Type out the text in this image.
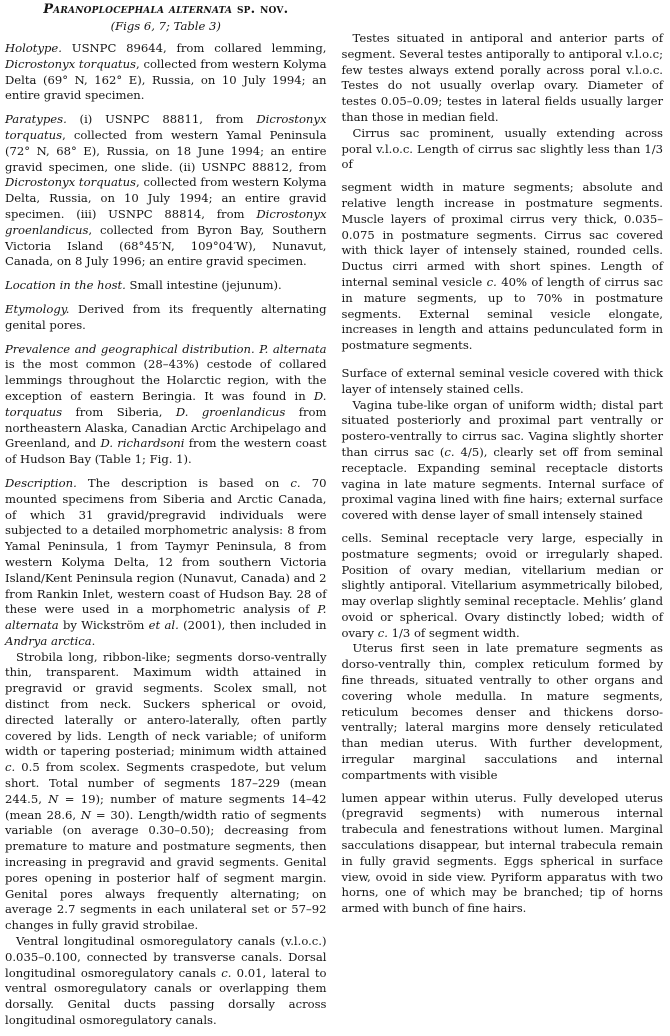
Paranoplocephala alternata sp. nov.
(Figs 6, 7; Table 3)

Holotype. USNPC 89644, from collared lemming, Dicrostonyx torquatus, collected from western Kolyma Delta (69° N, 162° E), Russia, on 10 July 1994; an entire gravid specimen.

Paratypes. (i) USNPC 88811, from Dicrostonyx torquatus, collected from western Yamal Peninsula (72° N, 68° E), Russia, on 18 June 1994; an entire gravid specimen, one slide. (ii) USNPC 88812, from Dicrostonyx torquatus, collected from western Kolyma Delta, Russia, on 10 July 1994; an entire gravid specimen. (iii) USNPC 88814, from Dicrostonyx groenlandicus, collected from Byron Bay, Southern Victoria Island (68°45′N, 109°04′W), Nunavut, Canada, on 8 July 1996; an entire gravid specimen.

Location in the host. Small intestine (jejunum).

Etymology. Derived from its frequently alternating genital pores.

Prevalence and geographical distribution. P. alternata is the most common (28–43%) cestode of collared lemmings throughout the Holarctic region, with the exception of eastern Beringia. It was found in D. torquatus from Siberia, D. groenlandicus from northeastern Alaska, Canadian Arctic Archipelago and Greenland, and D. richardsoni from the western coast of Hudson Bay (Table 1; Fig. 1).

Description. The description is based on c. 70 mounted specimens from Siberia and Arctic Canada, of which 31 gravid/pregravid individuals were subjected to a detailed morphometric analysis: 8 from Yamal Peninsula, 1 from Taymyr Peninsula, 8 from western Kolyma Delta, 12 from southern Victoria Island/Kent Peninsula region (Nunavut, Canada) and 2 from Rankin Inlet, western coast of Hudson Bay. 28 of these were used in a morphometric analysis of P. alternata by Wickström et al. (2001), then included in Andrya arctica.

Strobila long, ribbon-like; segments dorso-ventrally thin, transparent. Maximum width attained in pregravid or gravid segments. Scolex small, not distinct from neck. Suckers spherical or ovoid, directed laterally or antero-laterally, often partly covered by lids. Length of neck variable; of uniform width or tapering posteriad; minimum width attained c. 0.5 from scolex. Segments craspedote, but velum short. Total number of segments 187–229 (mean 244.5, N = 19); number of mature segments 14–42 (mean 28.6, N = 30). Length/width ratio of segments variable (on average 0.30–0.50); decreasing from premature to mature and postmature segments, then increasing in pregravid and gravid segments. Genital pores opening in posterior half of segment margin. Genital pores always frequently alternating; on average 2.7 segments in each unilateral set or 57–92 changes in fully gravid strobilae.

Ventral longitudinal osmoregulatory canals (v.l.o.c.) 0.035–0.100, connected by transverse canals. Dorsal longitudinal osmoregulatory canals c. 0.01, lateral to ventral osmoregulatory canals or overlapping them dorsally. Genital ducts passing dorsally across longitudinal osmoregulatory canals.

Testes situated in antiporal and anterior parts of segment. Several testes antiporally to antiporal v.l.o.c; few testes always extend porally across poral v.l.o.c. Testes do not usually overlap ovary. Diameter of testes 0.05–0.09; testes in lateral fields usually larger than those in median field.

Cirrus sac prominent, usually extending across poral v.l.o.c. Length of cirrus sac slightly less than 1/3 of

segment width in mature segments; absolute and relative length increase in postmature segments. Muscle layers of proximal cirrus very thick, 0.035–0.075 in postmature segments. Cirrus sac covered with thick layer of intensely stained, rounded cells. Ductus cirri armed with short spines. Length of internal seminal vesicle c. 40% of length of cirrus sac in mature segments, up to 70% in postmature segments. External seminal vesicle elongate, increases in length and attains pedunculated form in postmature segments.

Surface of external seminal vesicle covered with thick layer of intensely stained cells.

Vagina tube-like organ of uniform width; distal part situated posteriorly and proximal part ventrally or postero-ventrally to cirrus sac. Vagina slightly shorter than cirrus sac (c. 4/5), clearly set off from seminal receptacle. Expanding seminal receptacle distorts vagina in late mature segments. Internal surface of proximal vagina lined with fine hairs; external surface covered with dense layer of small intensely stained

cells. Seminal receptacle very large, especially in postmature segments; ovoid or irregularly shaped. Position of ovary median, vitellarium median or slightly antiporal. Vitellarium asymmetrically bilobed, may overlap slightly seminal receptacle. Mehlis’ gland ovoid or spherical. Ovary distinctly lobed; width of ovary c. 1/3 of segment width.

Uterus first seen in late premature segments as dorso-ventrally thin, complex reticulum formed by fine threads, situated ventrally to other organs and covering whole medulla. In mature segments, reticulum becomes denser and thickens dorso-ventrally; lateral margins more densely reticulated than median uterus. With further development, irregular marginal sacculations and internal compartments with visible

lumen appear within uterus. Fully developed uterus (pregravid segments) with numerous internal trabecula and fenestrations without lumen. Marginal sacculations disappear, but internal trabecula remain in fully gravid segments. Eggs spherical in surface view, ovoid in side view. Pyriform apparatus with two horns, one of which may be branched; tip of horns armed with bunch of fine hairs.
